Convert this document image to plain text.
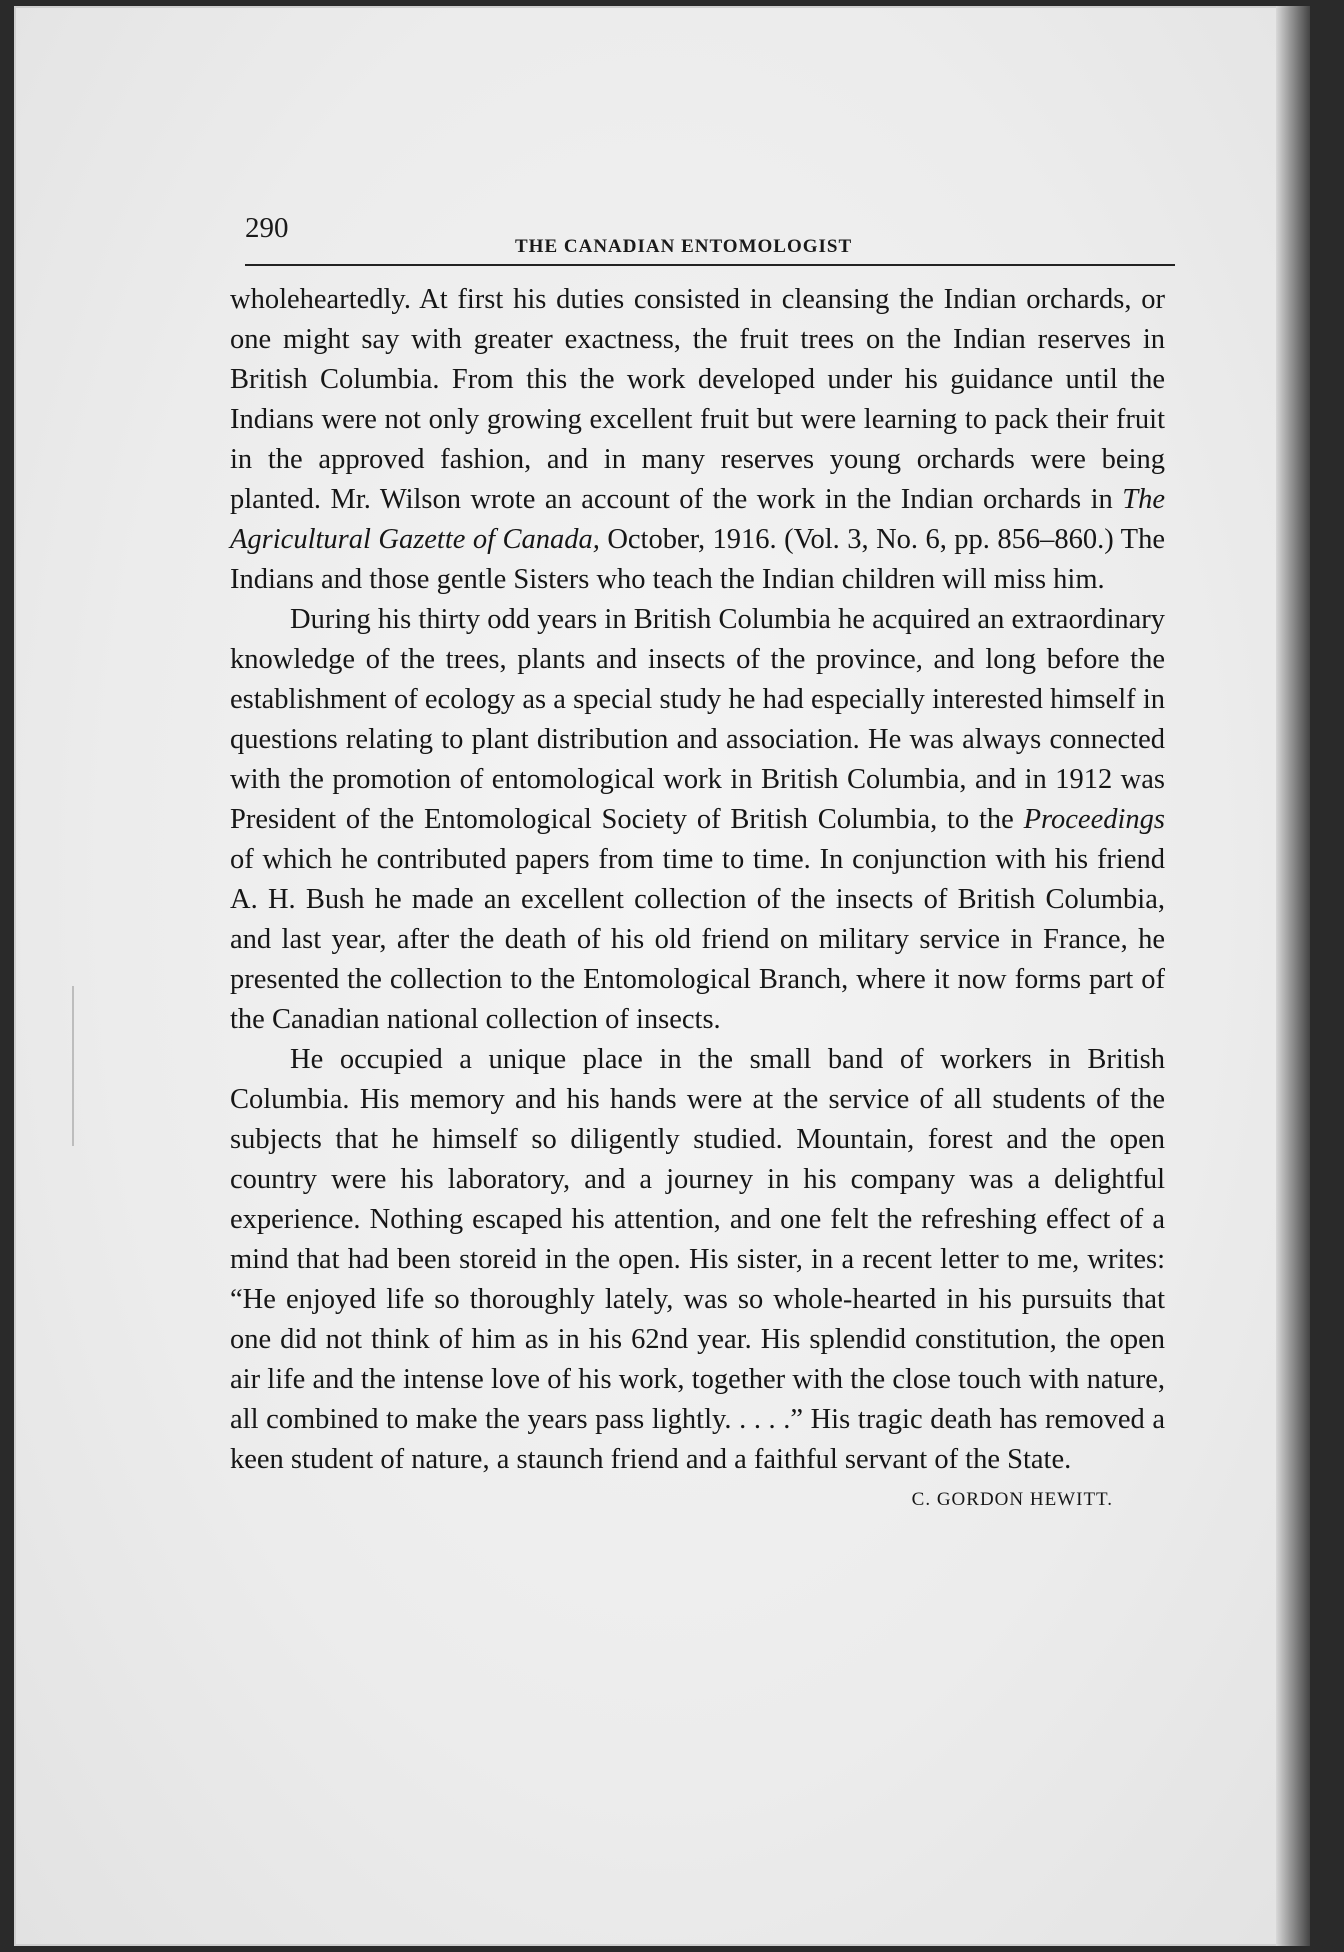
290
THE CANADIAN ENTOMOLOGIST

wholeheartedly. At first his duties consisted in cleansing the Indian orchards, or one might say with greater exactness, the fruit trees on the Indian reserves in British Columbia. From this the work developed under his guidance until the Indians were not only growing excellent fruit but were learning to pack their fruit in the approved fashion, and in many reserves young orchards were being planted. Mr. Wilson wrote an account of the work in the Indian orchards in The Agricultural Gazette of Canada, October, 1916. (Vol. 3, No. 6, pp. 856–860.) The Indians and those gentle Sisters who teach the Indian children will miss him.

During his thirty odd years in British Columbia he acquired an extraordinary knowledge of the trees, plants and insects of the province, and long before the establishment of ecology as a special study he had especially interested himself in questions relating to plant distribution and association. He was always connected with the promotion of entomological work in British Columbia, and in 1912 was President of the Entomological Society of British Columbia, to the Proceedings of which he contributed papers from time to time. In conjunction with his friend A. H. Bush he made an excellent collection of the insects of British Columbia, and last year, after the death of his old friend on military service in France, he presented the collection to the Entomological Branch, where it now forms part of the Canadian national collection of insects.

He occupied a unique place in the small band of workers in British Columbia. His memory and his hands were at the service of all students of the subjects that he himself so diligently studied. Mountain, forest and the open country were his laboratory, and a journey in his company was a delightful experience. Nothing escaped his attention, and one felt the refreshing effect of a mind that had been storeid in the open. His sister, in a recent letter to me, writes: “He enjoyed life so thoroughly lately, was so whole-hearted in his pursuits that one did not think of him as in his 62nd year. His splendid constitution, the open air life and the intense love of his work, together with the close touch with nature, all combined to make the years pass lightly. . . . .” His tragic death has removed a keen student of nature, a staunch friend and a faithful servant of the State.

C. GORDON HEWITT.
